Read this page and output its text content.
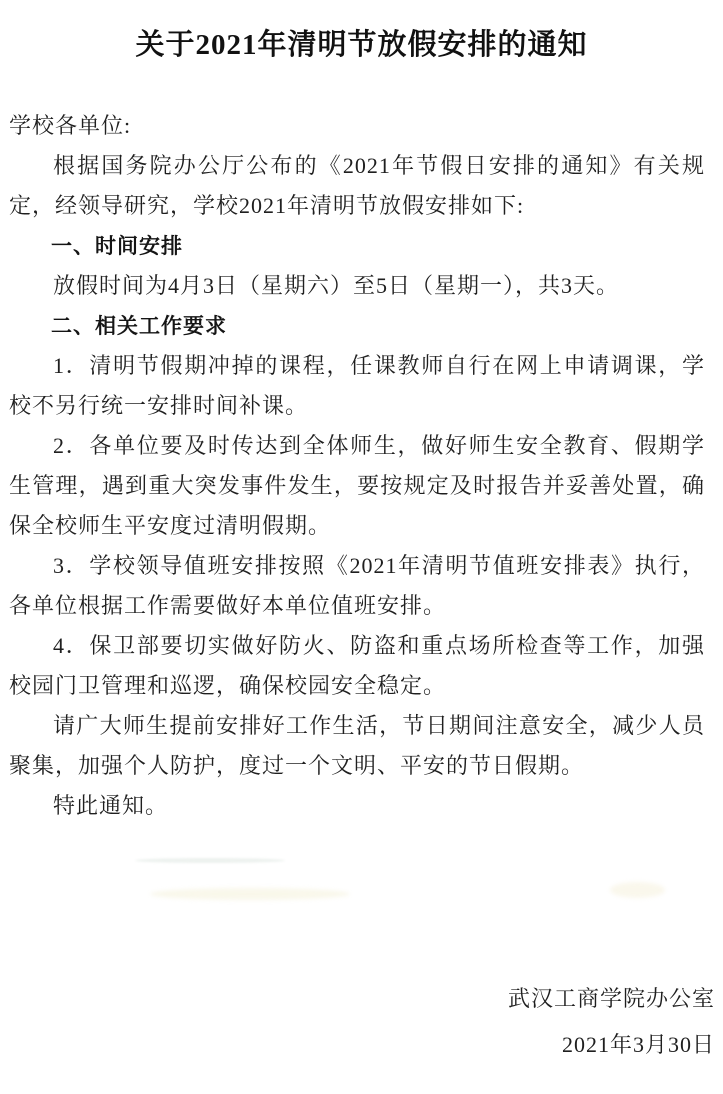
关于2021年清明节放假安排的通知

学校各单位:

根据国务院办公厅公布的《2021年节假日安排的通知》有关规定，经领导研究，学校2021年清明节放假安排如下:

一、时间安排

放假时间为4月3日（星期六）至5日（星期一），共3天。

二、相关工作要求

1．清明节假期冲掉的课程，任课教师自行在网上申请调课，学校不另行统一安排时间补课。

2．各单位要及时传达到全体师生，做好师生安全教育、假期学生管理，遇到重大突发事件发生，要按规定及时报告并妥善处置，确保全校师生平安度过清明假期。

3．学校领导值班安排按照《2021年清明节值班安排表》执行，各单位根据工作需要做好本单位值班安排。

4．保卫部要切实做好防火、防盗和重点场所检查等工作，加强校园门卫管理和巡逻，确保校园安全稳定。

请广大师生提前安排好工作生活，节日期间注意安全，减少人员聚集，加强个人防护，度过一个文明、平安的节日假期。

特此通知。

武汉工商学院办公室

2021年3月30日
